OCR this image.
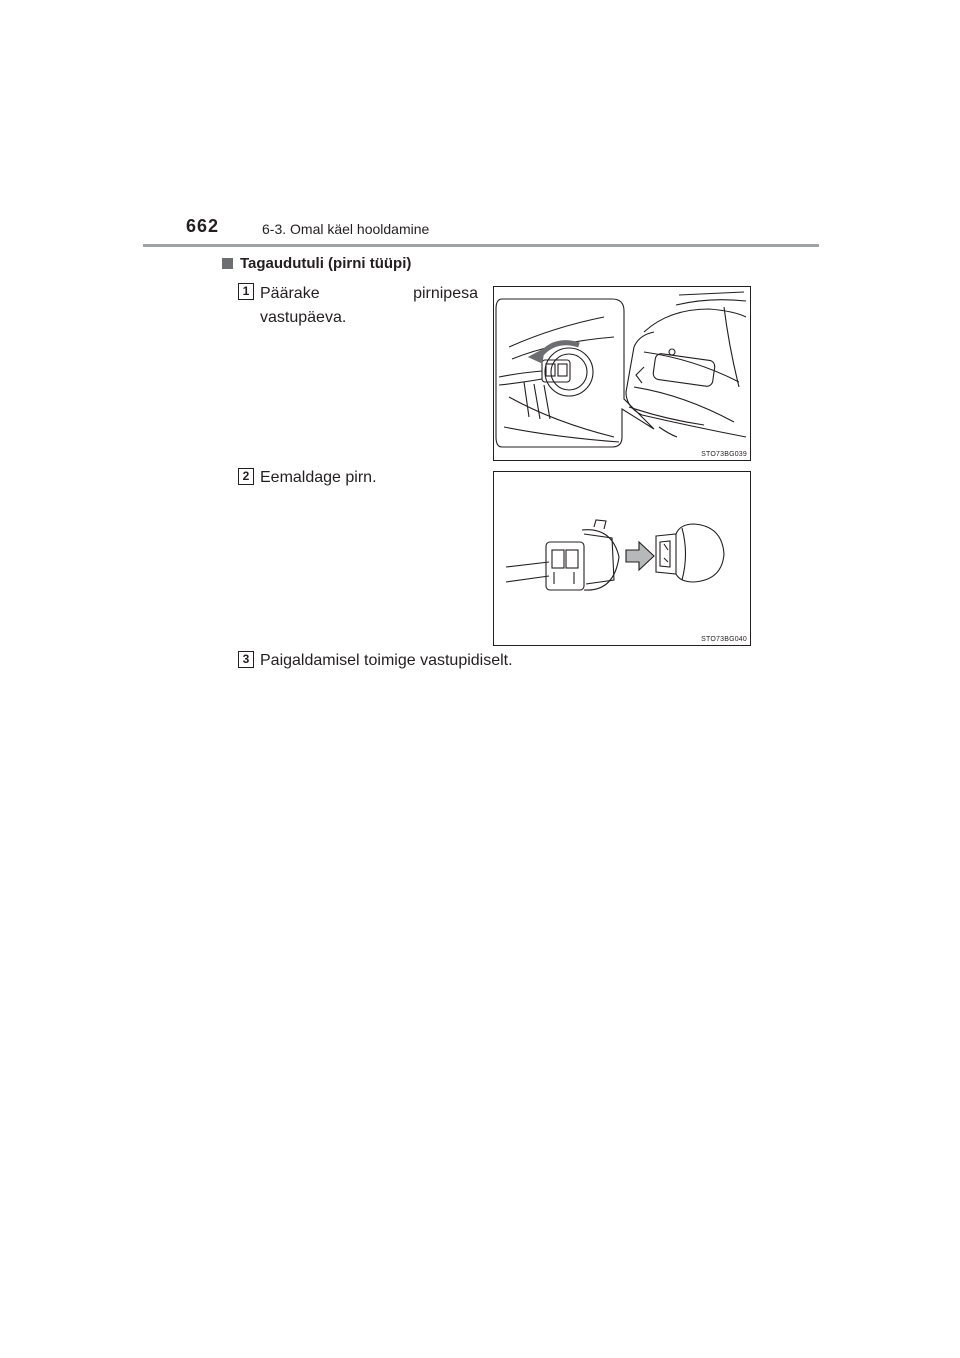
662	6-3. Omal käel hooldamine
Tagaudutuli (pirni tüüpi)
1 Päärake	pirnipesa
vastupäeva.
STO73BG039
2 Eemaldage pirn.
STO73BG040
3 Paigaldamisel toimige vastupidiselt.
